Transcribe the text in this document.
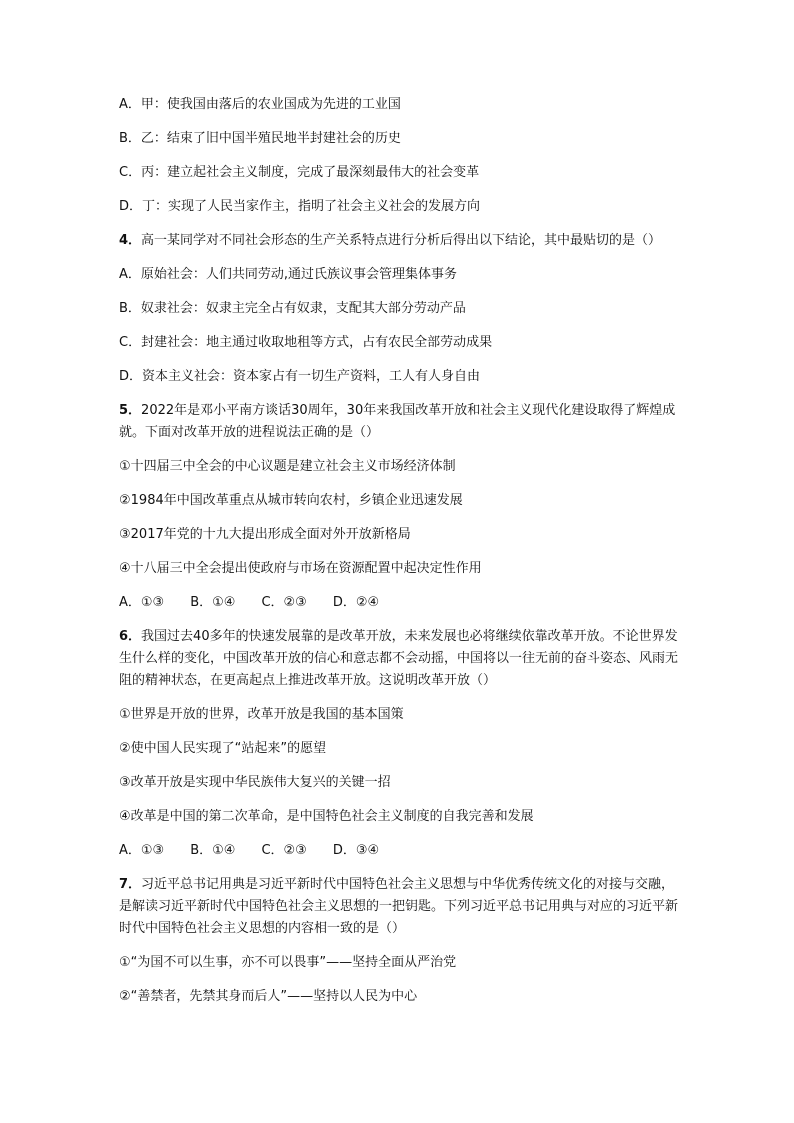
A．甲：使我国由落后的农业国成为先进的工业国

B．乙：结束了旧中国半殖民地半封建社会的历史

C．丙：建立起社会主义制度，完成了最深刻最伟大的社会变革

D．丁：实现了人民当家作主，指明了社会主义社会的发展方向

4．高一某同学对不同社会形态的生产关系特点进行分析后得出以下结论，其中最贴切的是（）

A．原始社会：人们共同劳动,通过氏族议事会管理集体事务

B．奴隶社会：奴隶主完全占有奴隶，支配其大部分劳动产品

C．封建社会：地主通过收取地租等方式，占有农民全部劳动成果

D．资本主义社会：资本家占有一切生产资料，工人有人身自由

5．2022年是邓小平南方谈话30周年，30年来我国改革开放和社会主义现代化建设取得了辉煌成就。下面对改革开放的进程说法正确的是（）

①十四届三中全会的中心议题是建立社会主义市场经济体制

②1984年中国改革重点从城市转向农村，乡镇企业迅速发展

③2017年党的十九大提出形成全面对外开放新格局

④十八届三中全会提出使政府与市场在资源配置中起决定性作用

A．①③ B．①④ C．②③ D．②④

6．我国过去40多年的快速发展靠的是改革开放，未来发展也必将继续依靠改革开放。不论世界发生什么样的变化，中国改革开放的信心和意志都不会动摇，中国将以一往无前的奋斗姿态、风雨无阻的精神状态，在更高起点上推进改革开放。这说明改革开放（）

①世界是开放的世界，改革开放是我国的基本国策

②使中国人民实现了“站起来”的愿望

③改革开放是实现中华民族伟大复兴的关键一招

④改革是中国的第二次革命，是中国特色社会主义制度的自我完善和发展

A．①③ B．①④ C．②③ D．③④

7．习近平总书记用典是习近平新时代中国特色社会主义思想与中华优秀传统文化的对接与交融，是解读习近平新时代中国特色社会主义思想的一把钥匙。下列习近平总书记用典与对应的习近平新时代中国特色社会主义思想的内容相一致的是（）

①“为国不可以生事，亦不可以畏事”——坚持全面从严治党

②“善禁者，先禁其身而后人”——坚持以人民为中心
